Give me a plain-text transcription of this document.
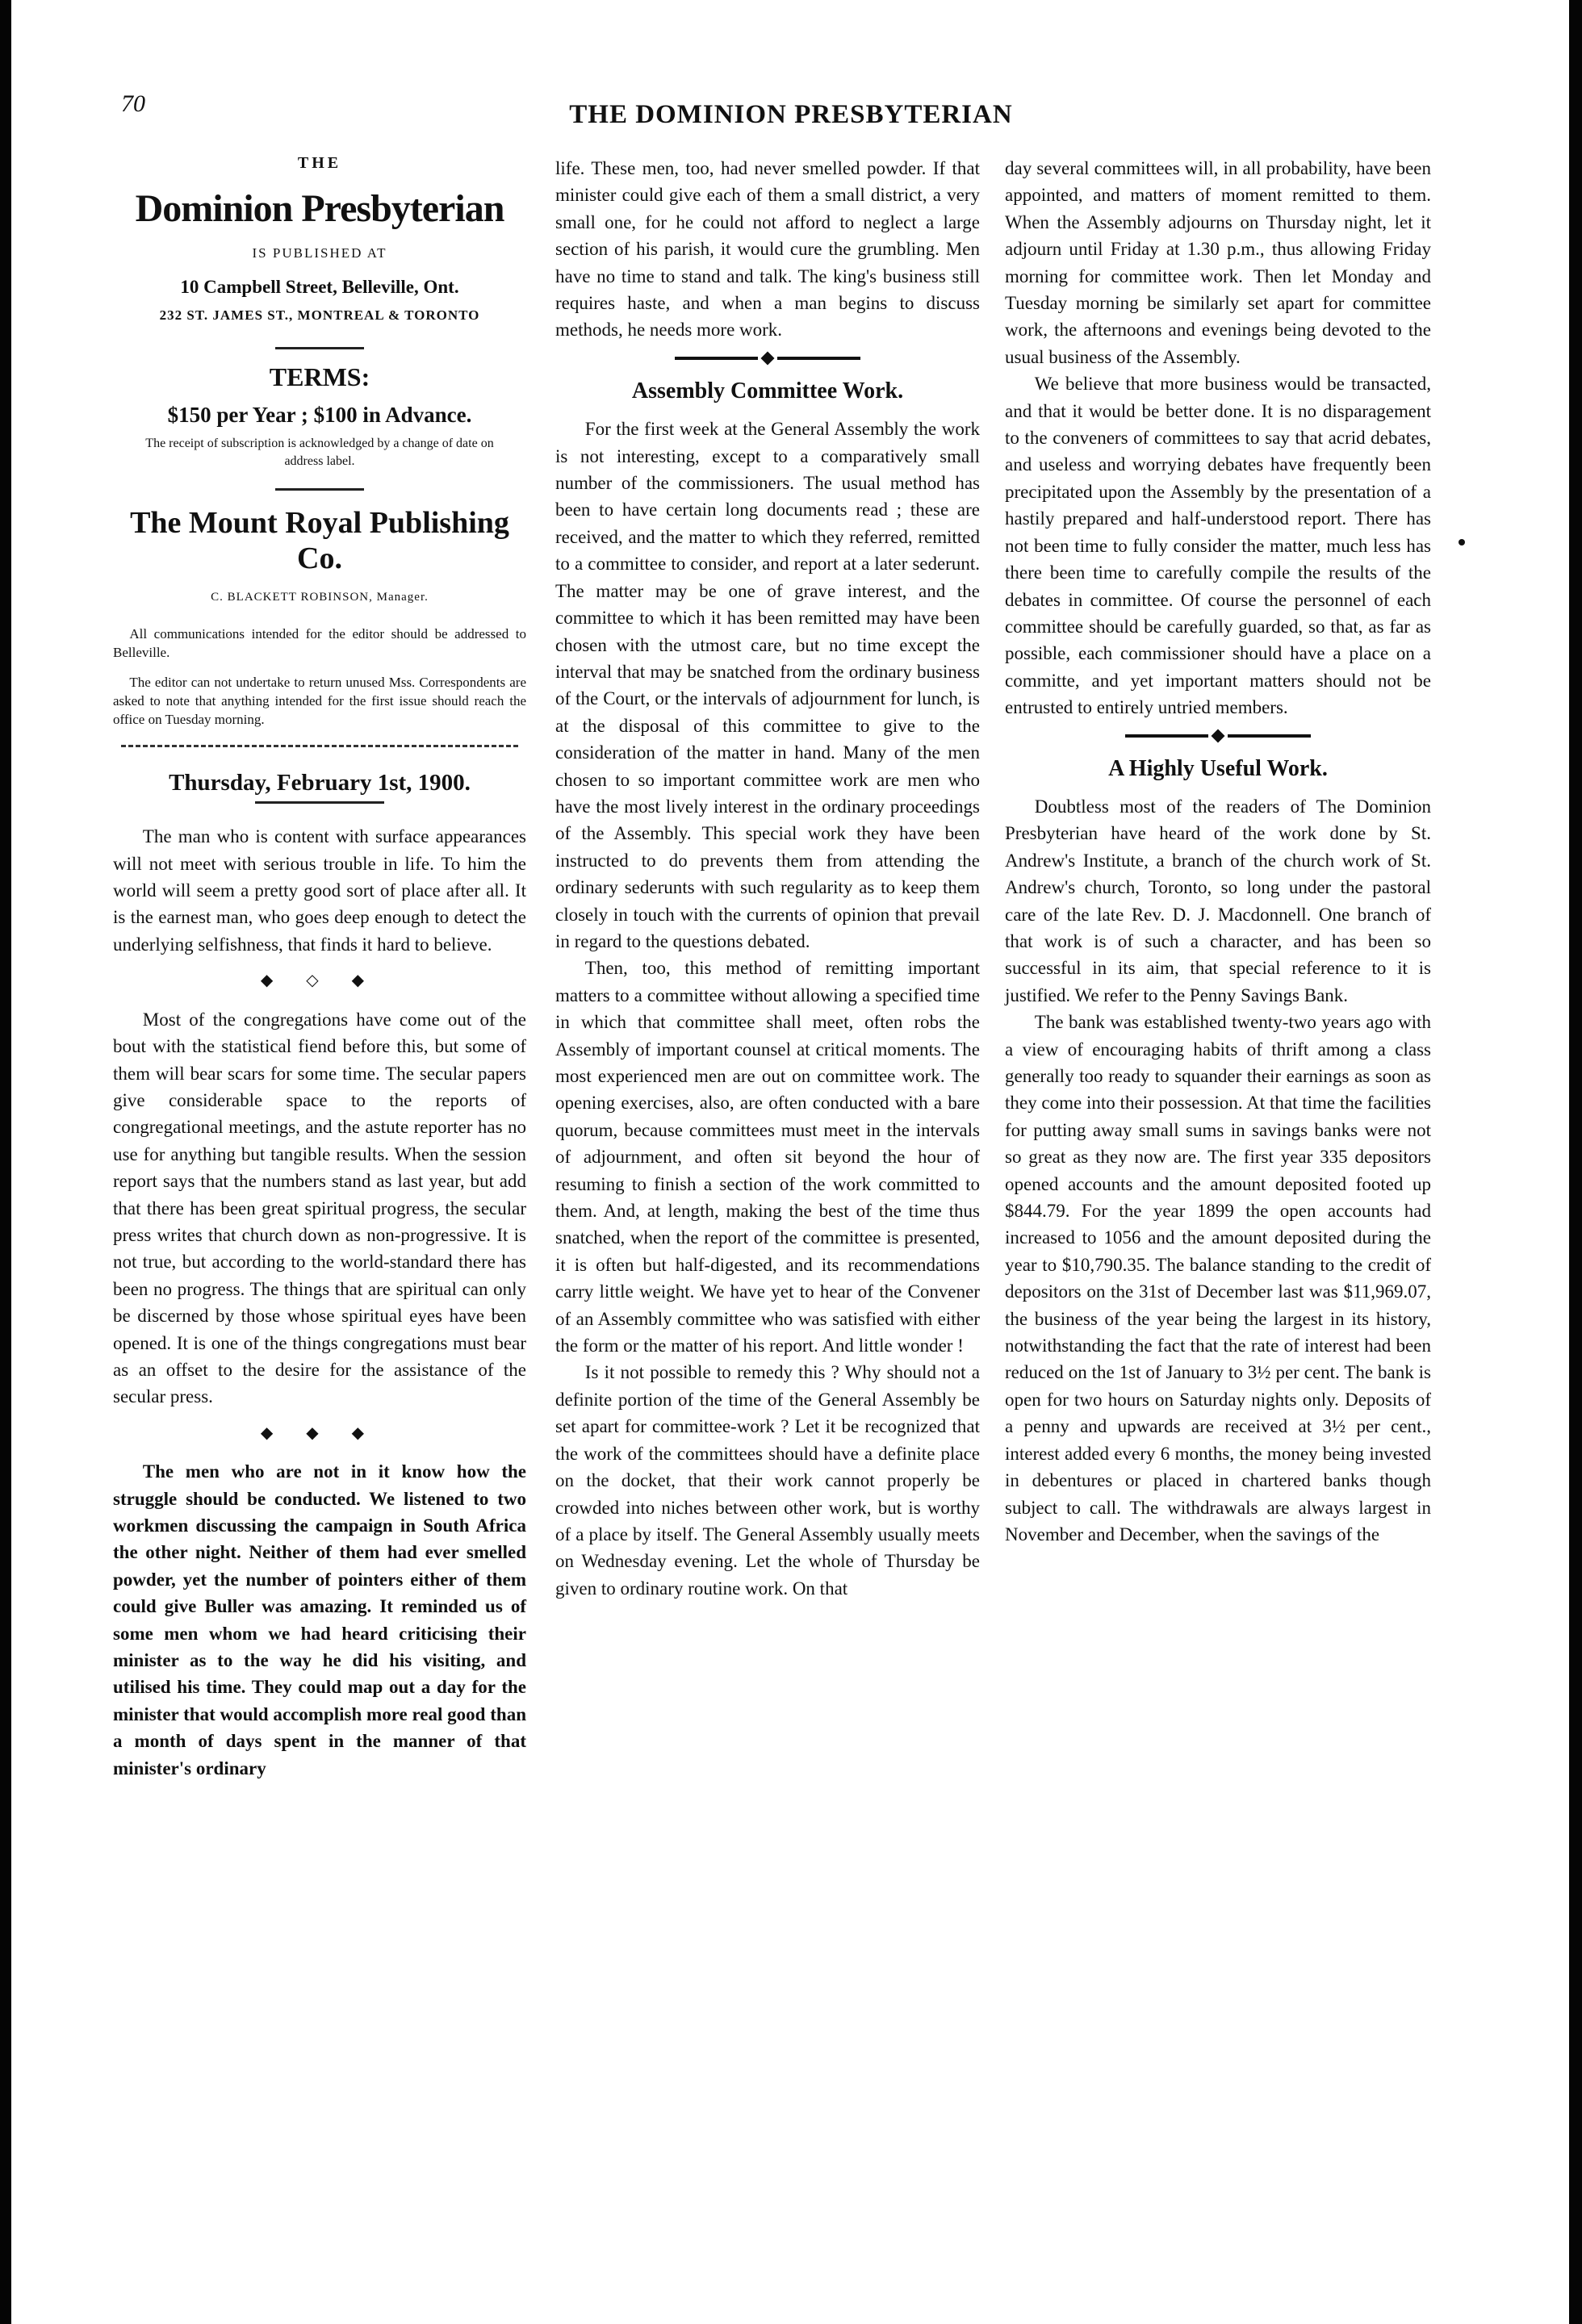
70	THE DOMINION PRESBYTERIAN
THE
Dominion Presbyterian
IS PUBLISHED AT
10 Campbell Street, Belleville, Ont.
232 ST. JAMES ST., MONTREAL & TORONTO
TERMS:
$150 per Year ; $100 in Advance.
The receipt of subscription is acknowledged by a change of date on address label.
The Mount Royal Publishing Co.
C. BLACKETT ROBINSON, Manager.
All communications intended for the editor should be addressed to Belleville.
The editor can not undertake to return unused Mss. Correspondents are asked to note that anything intended for the first issue should reach the office on Tuesday morning.
Thursday, February 1st, 1900.

The man who is content with surface appearances will not meet with serious trouble in life. To him the world will seem a pretty good sort of place after all. It is the earnest man, who goes deep enough to detect the underlying selfishness, that finds it hard to believe.

◆ ◇ ◆

Most of the congregations have come out of the bout with the statistical fiend before this, but some of them will bear scars for some time. The secular papers give considerable space to the reports of congregational meetings, and the astute reporter has no use for anything but tangible results. When the session report says that the numbers stand as last year, but add that there has been great spiritual progress, the secular press writes that church down as non-progressive. It is not true, but according to the world-standard there has been no progress. The things that are spiritual can only be discerned by those whose spiritual eyes have been opened. It is one of the things congregations must bear as an offset to the desire for the assistance of the secular press.

◆ ◆ ◆

The men who are not in it know how the struggle should be conducted. We listened to two workmen discussing the campaign in South Africa the other night. Neither of them had ever smelled powder, yet the number of pointers either of them could give Buller was amazing. It reminded us of some men whom we had heard criticising their minister as to the way he did his visiting, and utilised his time. They could map out a day for the minister that would accomplish more real good than a month of days spent in the manner of that minister's ordinary

life. These men, too, had never smelled powder. If that minister could give each of them a small district, a very small one, for he could not afford to neglect a large section of his parish, it would cure the grumbling. Men have no time to stand and talk. The king's business still requires haste, and when a man begins to discuss methods, he needs more work.

Assembly Committee Work.

For the first week at the General Assembly the work is not interesting, except to a comparatively small number of the commissioners. The usual method has been to have certain long documents read ; these are received, and the matter to which they referred, remitted to a committee to consider, and report at a later sederunt. The matter may be one of grave interest, and the committee to which it has been remitted may have been chosen with the utmost care, but no time except the interval that may be snatched from the ordinary business of the Court, or the intervals of adjournment for lunch, is at the disposal of this committee to give to the consideration of the matter in hand. Many of the men chosen to so important committee work are men who have the most lively interest in the ordinary proceedings of the Assembly. This special work they have been instructed to do prevents them from attending the ordinary sederunts with such regularity as to keep them closely in touch with the currents of opinion that prevail in regard to the questions debated.

Then, too, this method of remitting important matters to a committee without allowing a specified time in which that committee shall meet, often robs the Assembly of important counsel at critical moments. The most experienced men are out on committee work. The opening exercises, also, are often conducted with a bare quorum, because committees must meet in the intervals of adjournment, and often sit beyond the hour of resuming to finish a section of the work committed to them. And, at length, making the best of the time thus snatched, when the report of the committee is presented, it is often but half-digested, and its recommendations carry little weight. We have yet to hear of the Convener of an Assembly committee who was satisfied with either the form or the matter of his report. And little wonder !

Is it not possible to remedy this ? Why should not a definite portion of the time of the General Assembly be set apart for committee-work ? Let it be recognized that the work of the committees should have a definite place on the docket, that their work cannot properly be crowded into niches between other work, but is worthy of a place by itself. The General Assembly usually meets on Wednesday evening. Let the whole of Thursday be given to ordinary routine work. On that

day several committees will, in all probability, have been appointed, and matters of moment remitted to them. When the Assembly adjourns on Thursday night, let it adjourn until Friday at 1.30 p.m., thus allowing Friday morning for committee work. Then let Monday and Tuesday morning be similarly set apart for committee work, the afternoons and evenings being devoted to the usual business of the Assembly.

We believe that more business would be transacted, and that it would be better done. It is no disparagement to the conveners of committees to say that acrid debates, and useless and worrying debates have frequently been precipitated upon the Assembly by the presentation of a hastily prepared and half-understood report. There has not been time to fully consider the matter, much less has there been time to carefully compile the results of the debates in committee. Of course the personnel of each committee should be carefully guarded, so that, as far as possible, each commissioner should have a place on a committe, and yet important matters should not be entrusted to entirely untried members.

A Highly Useful Work.

Doubtless most of the readers of The Dominion Presbyterian have heard of the work done by St. Andrew's Institute, a branch of the church work of St. Andrew's church, Toronto, so long under the pastoral care of the late Rev. D. J. Macdonnell. One branch of that work is of such a character, and has been so successful in its aim, that special reference to it is justified. We refer to the Penny Savings Bank.

The bank was established twenty-two years ago with a view of encouraging habits of thrift among a class generally too ready to squander their earnings as soon as they come into their possession. At that time the facilities for putting away small sums in savings banks were not so great as they now are. The first year 335 depositors opened accounts and the amount deposited footed up $844.79. For the year 1899 the open accounts had increased to 1056 and the amount deposited during the year to $10,790.35. The balance standing to the credit of depositors on the 31st of December last was $11,969.07, the business of the year being the largest in its history, notwithstanding the fact that the rate of interest had been reduced on the 1st of January to 3½ per cent. The bank is open for two hours on Saturday nights only. Deposits of a penny and upwards are received at 3½ per cent., interest added every 6 months, the money being invested in debentures or placed in chartered banks though subject to call. The withdrawals are always largest in November and December, when the savings of the
